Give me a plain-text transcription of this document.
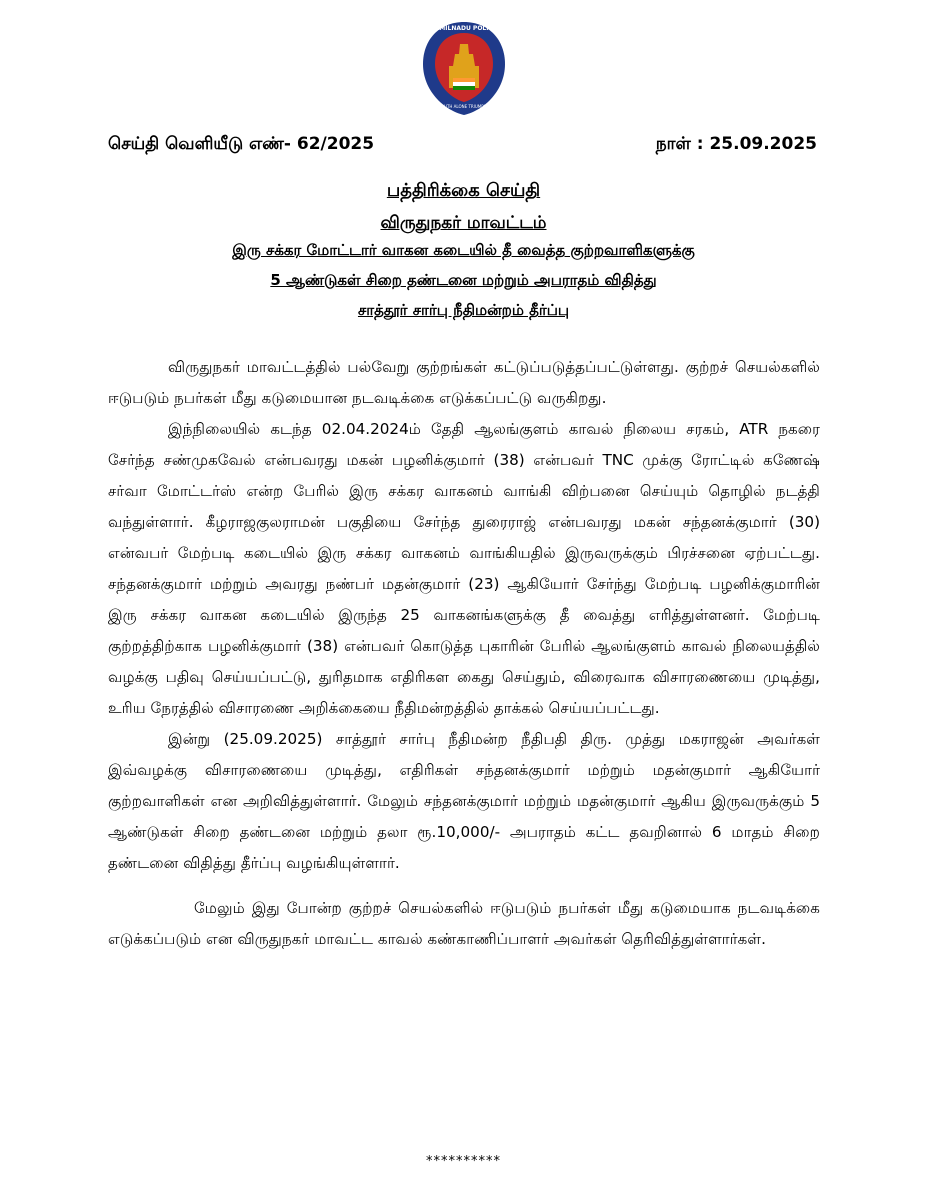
TAMILNADU POLICE
TRUTH ALONE TRIUMPHS
செய்தி வெளியீடு எண்- 62/2025	நாள் : 25.09.2025
பத்திரிக்கை செய்தி
விருதுநகர் மாவட்டம்
இரு சக்கர மோட்டார் வாகன கடையில் தீ வைத்த குற்றவாளிகளுக்கு
5 ஆண்டுகள் சிறை தண்டனை மற்றும் அபராதம் விதித்து
சாத்தூர் சார்பு நீதிமன்றம் தீர்ப்பு

விருதுநகர் மாவட்டத்தில் பல்வேறு குற்றங்கள் கட்டுப்படுத்தப்பட்டுள்ளது. குற்றச் செயல்களில் ஈடுபடும் நபர்கள் மீது கடுமையான நடவடிக்கை எடுக்கப்பட்டு வருகிறது.

இந்நிலையில் கடந்த 02.04.2024ம் தேதி ஆலங்குளம் காவல் நிலைய சரகம், ATR நகரை சேர்ந்த சண்முகவேல் என்பவரது மகன் பழனிக்குமார் (38) என்பவர் TNC முக்கு ரோட்டில் கணேஷ் சர்வா மோட்டர்ஸ் என்ற பேரில் இரு சக்கர வாகனம் வாங்கி விற்பனை செய்யும் தொழில் நடத்தி வந்துள்ளார். கீழராஜகுலராமன் பகுதியை சேர்ந்த துரைராஜ் என்பவரது மகன் சந்தனக்குமார் (30) என்வபர் மேற்படி கடையில் இரு சக்கர வாகனம் வாங்கியதில் இருவருக்கும் பிரச்சனை ஏற்பட்டது. சந்தனக்குமார் மற்றும் அவரது நண்பர் மதன்குமார் (23) ஆகியோர் சேர்ந்து மேற்படி பழனிக்குமாரின் இரு சக்கர வாகன கடையில் இருந்த 25 வாகனங்களுக்கு தீ வைத்து எரித்துள்ளனர். மேற்படி குற்றத்திற்காக பழனிக்குமார் (38) என்பவர் கொடுத்த புகாரின் பேரில் ஆலங்குளம் காவல் நிலையத்தில் வழக்கு பதிவு செய்யப்பட்டு, துரிதமாக எதிரிகள கைது செய்தும், விரைவாக விசாரணையை முடித்து, உரிய நேரத்தில் விசாரணை அறிக்கையை நீதிமன்றத்தில் தாக்கல் செய்யப்பட்டது.

இன்று (25.09.2025) சாத்தூர் சார்பு நீதிமன்ற நீதிபதி திரு. முத்து மகராஜன் அவர்கள் இவ்வழக்கு விசாரணையை முடித்து, எதிரிகள் சந்தனக்குமார் மற்றும் மதன்குமார் ஆகியோர் குற்றவாளிகள் என அறிவித்துள்ளார். மேலும் சந்தனக்குமார் மற்றும் மதன்குமார் ஆகிய இருவருக்கும் 5 ஆண்டுகள் சிறை தண்டனை மற்றும் தலா ரூ.10,000/- அபராதம் கட்ட தவறினால் 6 மாதம் சிறை தண்டனை விதித்து தீர்ப்பு வழங்கியுள்ளார்.

மேலும் இது போன்ற குற்றச் செயல்களில் ஈடுபடும் நபர்கள் மீது கடுமையாக நடவடிக்கை எடுக்கப்படும் என விருதுநகர் மாவட்ட காவல் கண்காணிப்பாளர் அவர்கள் தெரிவித்துள்ளார்கள்.

**********
